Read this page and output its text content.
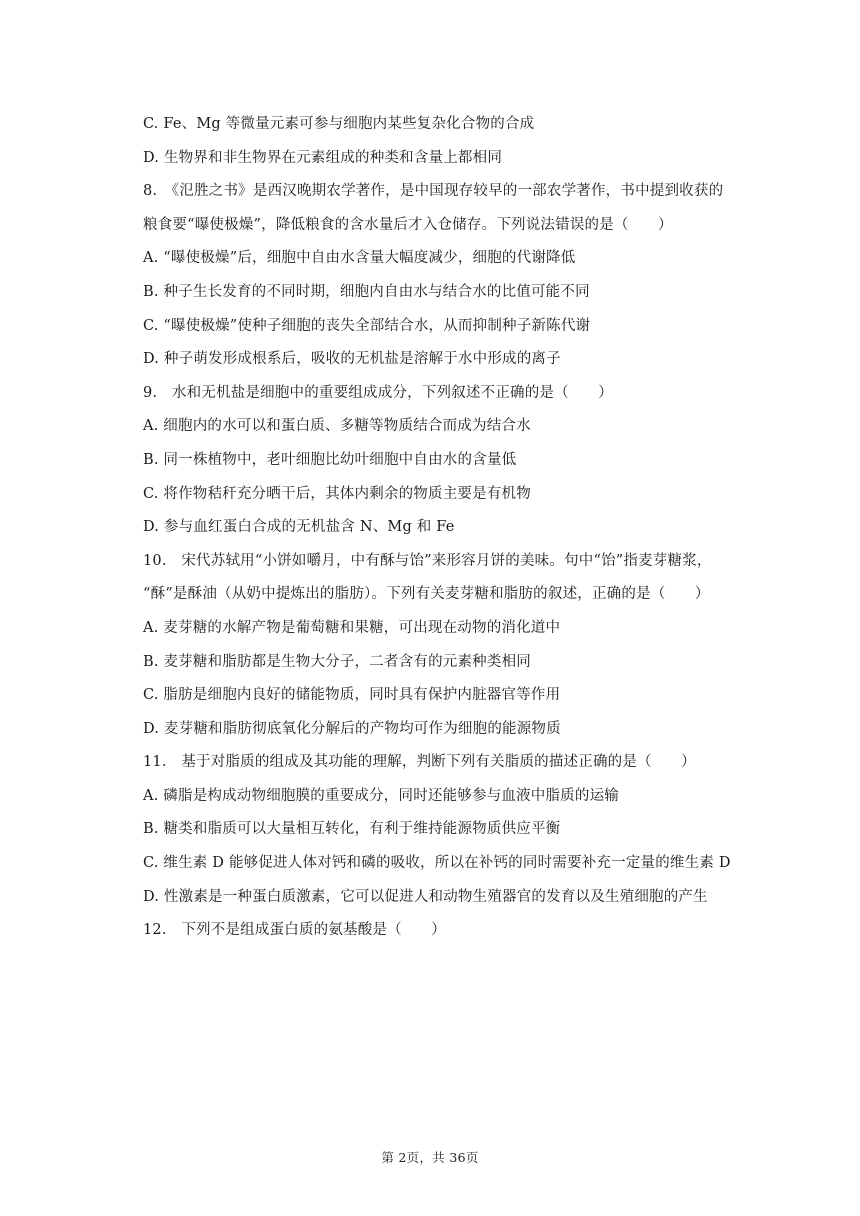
C. Fe、Mg 等微量元素可参与细胞内某些复杂化合物的合成
D. 生物界和非生物界在元素组成的种类和含量上都相同
8.　《氾胜之书》是西汉晚期农学著作，是中国现存较早的一部农学著作，书中提到收获的
粮食要“曝使极燥”，降低粮食的含水量后才入仓储存。下列说法错误的是（　　）
A. “曝使极燥”后，细胞中自由水含量大幅度减少，细胞的代谢降低
B. 种子生长发育的不同时期，细胞内自由水与结合水的比值可能不同
C. “曝使极燥”使种子细胞的丧失全部结合水，从而抑制种子新陈代谢
D. 种子萌发形成根系后，吸收的无机盐是溶解于水中形成的离子
9.　水和无机盐是细胞中的重要组成成分，下列叙述不正确的是（　　）
A. 细胞内的水可以和蛋白质、多糖等物质结合而成为结合水
B. 同一株植物中，老叶细胞比幼叶细胞中自由水的含量低
C. 将作物秸秆充分晒干后，其体内剩余的物质主要是有机物
D. 参与血红蛋白合成的无机盐含 N、Mg 和 Fe
10.　宋代苏轼用“小饼如嚼月，中有酥与饴”来形容月饼的美味。句中“饴”指麦芽糖浆，
“酥”是酥油（从奶中提炼出的脂肪）。下列有关麦芽糖和脂肪的叙述，正确的是（　　）
A. 麦芽糖的水解产物是葡萄糖和果糖，可出现在动物的消化道中
B. 麦芽糖和脂肪都是生物大分子，二者含有的元素种类相同
C. 脂肪是细胞内良好的储能物质，同时具有保护内脏器官等作用
D. 麦芽糖和脂肪彻底氧化分解后的产物均可作为细胞的能源物质
11.　基于对脂质的组成及其功能的理解，判断下列有关脂质的描述正确的是（　　）
A. 磷脂是构成动物细胞膜的重要成分，同时还能够参与血液中脂质的运输
B. 糖类和脂质可以大量相互转化，有利于维持能源物质供应平衡
C. 维生素 D 能够促进人体对钙和磷的吸收，所以在补钙的同时需要补充一定量的维生素 D
D. 性激素是一种蛋白质激素，它可以促进人和动物生殖器官的发育以及生殖细胞的产生
12.　下列不是组成蛋白质的氨基酸是（　　）
第 2页，共 36页
